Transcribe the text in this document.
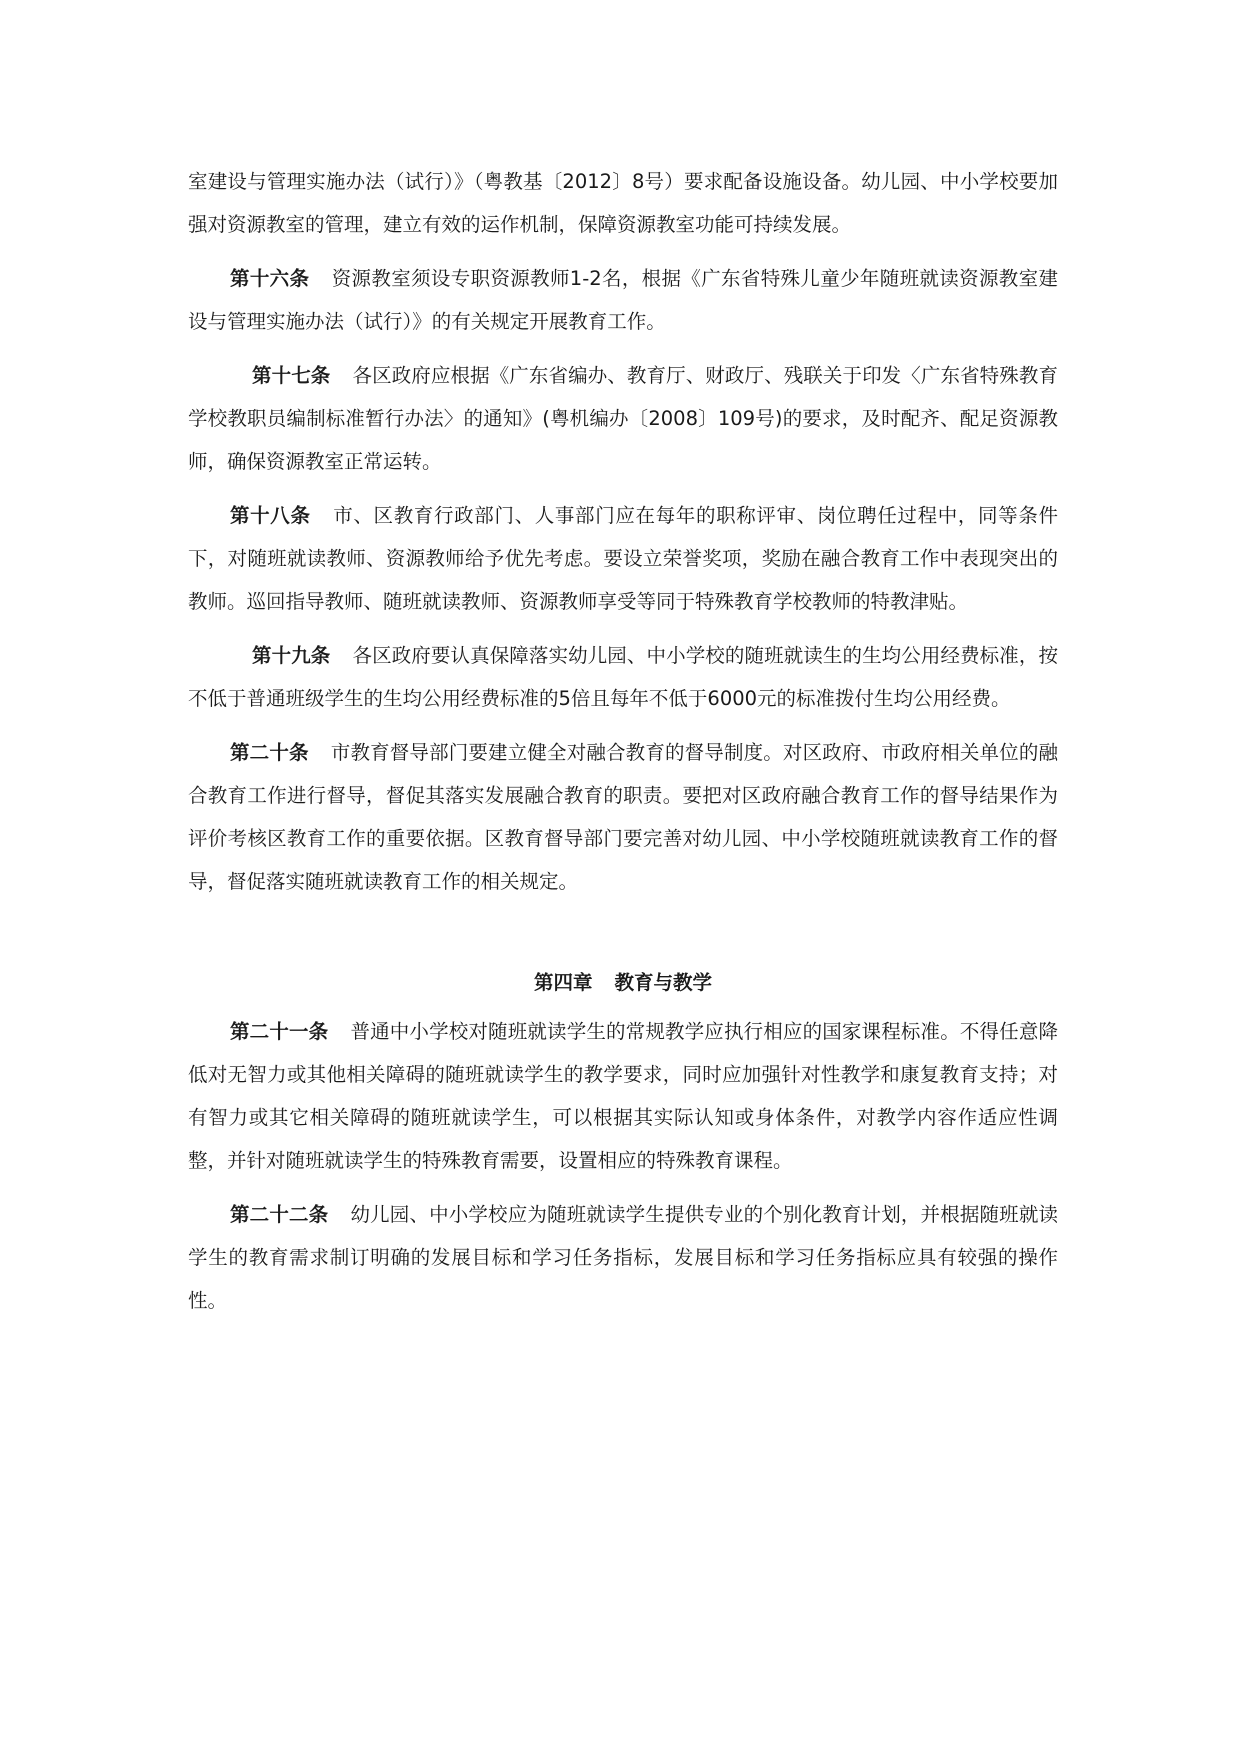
室建设与管理实施办法（试行）》（粤教基〔2012〕8号）要求配备设施设备。幼儿园、中小学校要加强对资源教室的管理，建立有效的运作机制，保障资源教室功能可持续发展。

第十六条 资源教室须设专职资源教师1-2名，根据《广东省特殊儿童少年随班就读资源教室建设与管理实施办法（试行）》的有关规定开展教育工作。

第十七条 各区政府应根据《广东省编办、教育厅、财政厅、残联关于印发〈广东省特殊教育学校教职员编制标准暂行办法〉的通知》(粤机编办〔2008〕109号)的要求，及时配齐、配足资源教师，确保资源教室正常运转。

第十八条 市、区教育行政部门、人事部门应在每年的职称评审、岗位聘任过程中，同等条件下，对随班就读教师、资源教师给予优先考虑。要设立荣誉奖项，奖励在融合教育工作中表现突出的教师。巡回指导教师、随班就读教师、资源教师享受等同于特殊教育学校教师的特教津贴。

第十九条 各区政府要认真保障落实幼儿园、中小学校的随班就读生的生均公用经费标准，按不低于普通班级学生的生均公用经费标准的5倍且每年不低于6000元的标准拨付生均公用经费。

第二十条 市教育督导部门要建立健全对融合教育的督导制度。对区政府、市政府相关单位的融合教育工作进行督导，督促其落实发展融合教育的职责。要把对区政府融合教育工作的督导结果作为评价考核区教育工作的重要依据。区教育督导部门要完善对幼儿园、中小学校随班就读教育工作的督导，督促落实随班就读教育工作的相关规定。

第四章 教育与教学

第二十一条 普通中小学校对随班就读学生的常规教学应执行相应的国家课程标准。不得任意降低对无智力或其他相关障碍的随班就读学生的教学要求，同时应加强针对性教学和康复教育支持；对有智力或其它相关障碍的随班就读学生，可以根据其实际认知或身体条件，对教学内容作适应性调整，并针对随班就读学生的特殊教育需要，设置相应的特殊教育课程。

第二十二条 幼儿园、中小学校应为随班就读学生提供专业的个别化教育计划，并根据随班就读学生的教育需求制订明确的发展目标和学习任务指标，发展目标和学习任务指标应具有较强的操作性。
